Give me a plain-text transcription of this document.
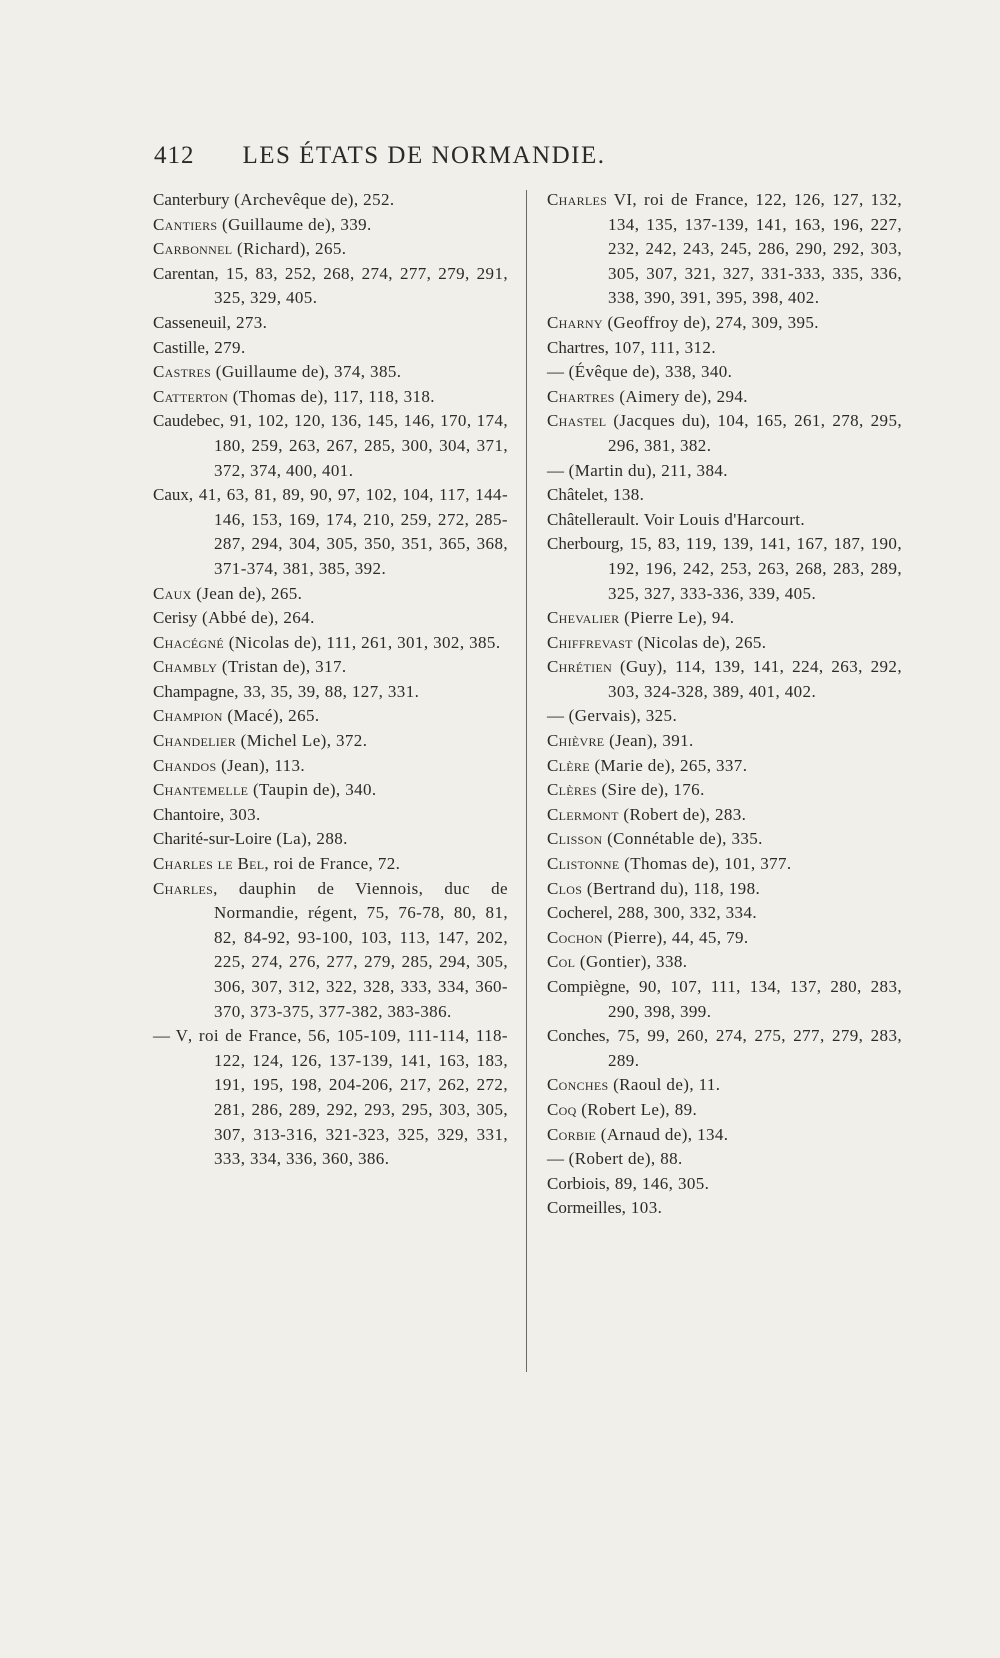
412	LES ÉTATS DE NORMANDIE.

Canterbury (Archevêque de), 252.

Cantiers (Guillaume de), 339.

Carbonnel (Richard), 265.

Carentan, 15, 83, 252, 268, 274, 277, 279, 291, 325, 329, 405.

Casseneuil, 273.

Castille, 279.

Castres (Guillaume de), 374, 385.

Catterton (Thomas de), 117, 118, 318.

Caudebec, 91, 102, 120, 136, 145, 146, 170, 174, 180, 259, 263, 267, 285, 300, 304, 371, 372, 374, 400, 401.

Caux, 41, 63, 81, 89, 90, 97, 102, 104, 117, 144-146, 153, 169, 174, 210, 259, 272, 285-287, 294, 304, 305, 350, 351, 365, 368, 371-374, 381, 385, 392.

Caux (Jean de), 265.

Cerisy (Abbé de), 264.

Chacégné (Nicolas de), 111, 261, 301, 302, 385.

Chambly (Tristan de), 317.

Champagne, 33, 35, 39, 88, 127, 331.

Champion (Macé), 265.

Chandelier (Michel Le), 372.

Chandos (Jean), 113.

Chantemelle (Taupin de), 340.

Chantoire, 303.

Charité-sur-Loire (La), 288.

Charles le Bel, roi de France, 72.

Charles, dauphin de Viennois, duc de Normandie, régent, 75, 76-78, 80, 81, 82, 84-92, 93-100, 103, 113, 147, 202, 225, 274, 276, 277, 279, 285, 294, 305, 306, 307, 312, 322, 328, 333, 334, 360-370, 373-375, 377-382, 383-386.

— V, roi de France, 56, 105-109, 111-114, 118-122, 124, 126, 137-139, 141, 163, 183, 191, 195, 198, 204-206, 217, 262, 272, 281, 286, 289, 292, 293, 295, 303, 305, 307, 313-316, 321-323, 325, 329, 331, 333, 334, 336, 360, 386.

Charles VI, roi de France, 122, 126, 127, 132, 134, 135, 137-139, 141, 163, 196, 227, 232, 242, 243, 245, 286, 290, 292, 303, 305, 307, 321, 327, 331-333, 335, 336, 338, 390, 391, 395, 398, 402.

Charny (Geoffroy de), 274, 309, 395.

Chartres, 107, 111, 312.

— (Évêque de), 338, 340.

Chartres (Aimery de), 294.

Chastel (Jacques du), 104, 165, 261, 278, 295, 296, 381, 382.

— (Martin du), 211, 384.

Châtelet, 138.

Châtellerault. Voir Louis d'Harcourt.

Cherbourg, 15, 83, 119, 139, 141, 167, 187, 190, 192, 196, 242, 253, 263, 268, 283, 289, 325, 327, 333-336, 339, 405.

Chevalier (Pierre Le), 94.

Chiffrevast (Nicolas de), 265.

Chrétien (Guy), 114, 139, 141, 224, 263, 292, 303, 324-328, 389, 401, 402.

— (Gervais), 325.

Chièvre (Jean), 391.

Clère (Marie de), 265, 337.

Clères (Sire de), 176.

Clermont (Robert de), 283.

Clisson (Connétable de), 335.

Clistonne (Thomas de), 101, 377.

Clos (Bertrand du), 118, 198.

Cocherel, 288, 300, 332, 334.

Cochon (Pierre), 44, 45, 79.

Col (Gontier), 338.

Compiègne, 90, 107, 111, 134, 137, 280, 283, 290, 398, 399.

Conches, 75, 99, 260, 274, 275, 277, 279, 283, 289.

Conches (Raoul de), 11.

Coq (Robert Le), 89.

Corbie (Arnaud de), 134.

— (Robert de), 88.

Corbiois, 89, 146, 305.

Cormeilles, 103.
